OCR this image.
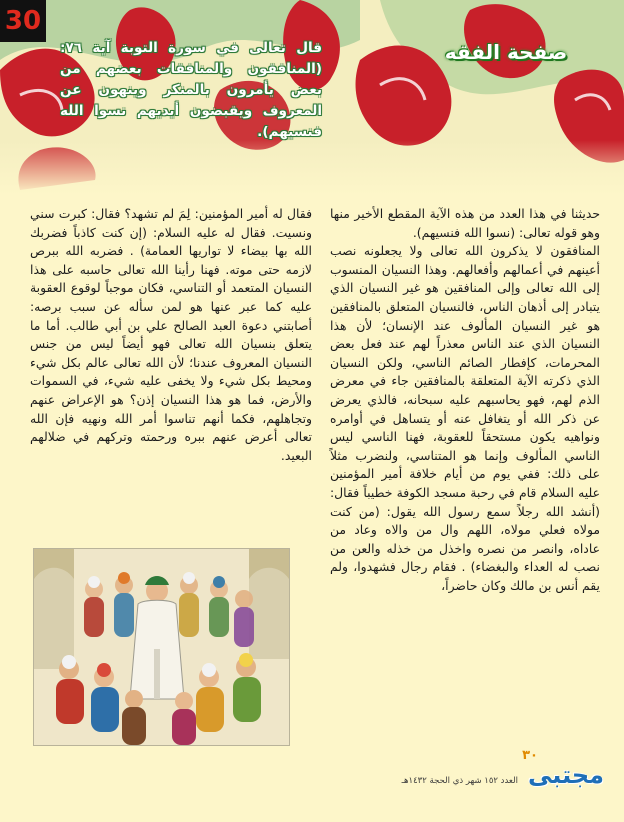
30
صفحة الفقه
قال تعالى في سورة التوبة آية ٧٦: (المنافقون والمنافقات بعضهم من بعض يأمرون بالمنكر وينهون عن المعروف ويقبضون أيديهم نسوا الله فنسيهم).

حديثنا في هذا العدد من هذه الآية المقطع الأخير منها وهو قوله تعالى: (نسوا الله فنسيهم).

المنافقون لا يذكرون الله تعالى ولا يجعلونه نصب أعينهم في أعمالهم وأفعالهم. وهذا النسيان المنسوب إلى الله تعالى وإلى المنافقين هو غير النسيان الذي يتبادر إلى أذهان الناس، فالنسيان المتعلق بالمنافقين هو غير النسيان المألوف عند الإنسان؛ لأن هذا النسيان الذي عند الناس معذراً لهم عند فعل بعض المحرمات، كإفطار الصائم الناسي، ولكن النسيان الذي ذكرته الآية المتعلقة بالمنافقين جاء في معرض الذم لهم، فهو يحاسبهم عليه سبحانه، فالذي يعرض عن ذكر الله أو يتغافل عنه أو يتساهل في أوامره ونواهيه يكون مستحقاً للعقوبة، فهنا الناسي ليس الناسي المألوف وإنما هو المتناسي، ولنضرب مثلاً على ذلك: ففي يوم من أيام خلافة أمير المؤمنين عليه السلام قام في رحبة مسجد الكوفة خطيباً فقال: (أنشد الله رجلاً سمع رسول الله يقول: (من كنت مولاه فعلي مولاه، اللهم وال من والاه وعاد من عاداه، وانصر من نصره واخذل من خذله والعن من نصب له العداء والبغضاء) . فقام رجال فشهدوا، ولم يقم أنس بن مالك وكان حاضراً،

فقال له أمير المؤمنين: لِمَ لم تشهد؟ فقال: كبرت سني ونسيت. فقال له عليه السلام: (إن كنت كاذباً فضربك الله بها بيضاء لا تواريها العمامة) . فضربه الله ببرص لازمه حتى موته. فهنا رأينا الله تعالى حاسبه على هذا النسيان المتعمد أو التناسي، فكان موجباً لوقوع العقوبة عليه كما عبر عنها هو لمن سأله عن سبب برصه: أصابتني دعوة العبد الصالح علي بن أبي طالب. أما ما يتعلق بنسيان الله تعالى فهو أيضاً ليس من جنس النسيان المعروف عندنا؛ لأن الله تعالى عالم بكل شيء ومحيط بكل شيء ولا يخفى عليه شيء، في السموات والأرض، فما هو هذا النسيان إذن؟ هو الإعراض عنهم وتجاهلهم، فكما أنهم تناسوا أمر الله ونهيه فإن الله تعالى أعرض عنهم ببره ورحمته وتركهم في ضلالهم البعيد.

٣٠
مجتبى
العدد ١٥٢ شهر ذي الحجة ١٤٣٢هـ
